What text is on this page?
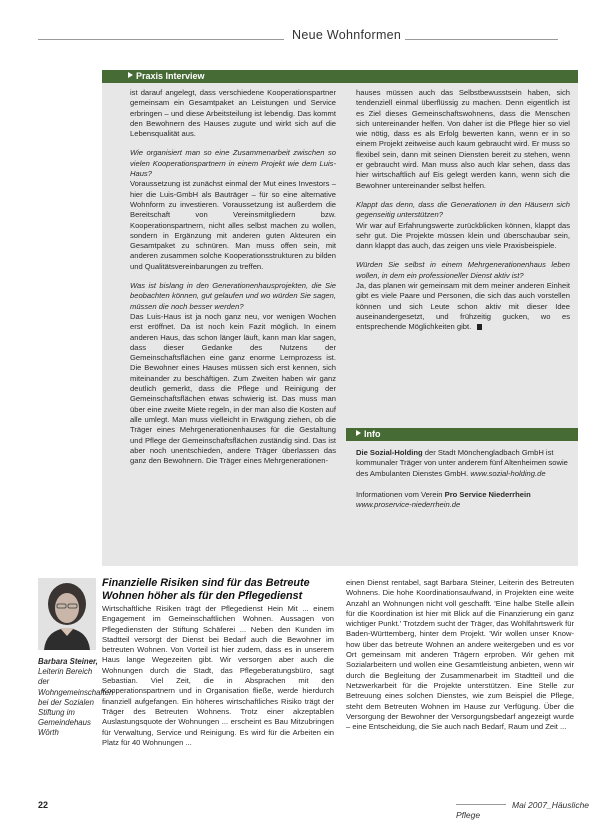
Neue Wohnformen
Praxis Interview

ist darauf angelegt, dass verschiedene Kooperationspartner gemeinsam ein Gesamtpaket an Leistungen und Service erbringen – und diese Arbeitsteilung ist lebendig. Das kommt den Bewohnern des Hauses zugute und wirkt sich auf die Lebensqualität aus.

Wie organisiert man so eine Zusammenarbeit zwischen so vielen Kooperationspartnern in einem Projekt wie dem Luis-Haus?

Voraussetzung ist zunächst einmal der Mut eines Investors – hier die Luis-GmbH als Bauträger – für so eine alternative Wohnform zu investieren. Voraussetzung ist außerdem die Bereitschaft von Vereinsmitgliedern bzw. Kooperationspartnern, nicht alles selbst machen zu wollen, sondern in Ergänzung mit anderen guten Akteuren ein Gesamtpaket zu schnüren. Man muss offen sein, mit anderen zusammen solche Kooperationsstrukturen zu bilden und Qualitätsvereinbarungen zu treffen.

Was ist bislang in den Generationenhausprojekten, die Sie beobachten können, gut gelaufen und wo würden Sie sagen, müssen die noch besser werden?

Das Luis-Haus ist ja noch ganz neu, vor wenigen Wochen erst eröffnet. Da ist noch kein Fazit möglich. In einem anderen Haus, das schon länger läuft, kann man klar sagen, dass dieser Gedanke des Nutzens der Gemeinschaftsflächen eine ganz enorme Lernprozess ist. Die Bewohner eines Hauses müssen sich erst kennen, sich miteinander zu beschäftigen. Zum Zweiten haben wir ganz deutlich gemerkt, dass die Pflege und Reinigung der Gemeinschaftsflächen etwas schwierig ist. Das muss man über eine zweite Miete regeln, in der man also die Kosten auf alle umlegt. Man muss vielleicht in Erwägung ziehen, ob die Träger eines Mehrgenerationenhauses für die Gestaltung und Pflege der Gemeinschaftsflächen zuständig sind. Das ist aber noch unentschieden, andere Träger überlassen das ganz den Bewohnern. Die Träger eines Mehrgenerationen-

hauses müssen auch das Selbstbewusstsein haben, sich tendenziell einmal überflüssig zu machen. Denn eigentlich ist es Ziel dieses Gemeinschaftswohnens, dass die Menschen sich untereinander helfen. Von daher ist die Pflege hier so viel wie nötig, dass es als Erfolg bewerten kann, wenn er in so einem Projekt zeitweise auch kaum gebraucht wird. Er muss so flexibel sein, dann mit seinen Diensten bereit zu stehen, wenn er gebraucht wird. Man muss also auch klar sehen, dass das hier wirtschaftlich auf Eis gelegt werden kann, wenn sich die Bewohner untereinander selbst helfen.

Klappt das denn, dass die Generationen in den Häusern sich gegenseitig unterstützen?

Wir war auf Erfahrungswerte zurückblicken können, klappt das sehr gut. Die Projekte müssen klein und überschaubar sein, dann klappt das auch, das zeigen uns viele Praxisbeispiele.

Würden Sie selbst in einem Mehrgenerationenhaus leben wollen, in dem ein professioneller Dienst aktiv ist?

Ja, das planen wir gemeinsam mit dem meiner anderen Einheit gibt es viele Paare und Personen, die sich das auch vorstellen können und sich Leute schon aktiv mit dieser Idee auseinandergesetzt, und frühzeitig gucken, wo es entsprechende Möglichkeiten gibt.

Info

Die Sozial-Holding der Stadt Mönchengladbach GmbH ist kommunaler Träger von unter anderem fünf Altenheimen sowie des Ambulanten Dienstes GmbH. www.sozial-holding.de

Informationen vom Verein Pro Service Niederrhein
www.proservice-niederrhein.de

Barbara Steiner, Leiterin Bereich der Wohngemeinschaften bei der Sozialen Stiftung im Gemeindehaus Wörth
Finanzielle Risiken sind für das Betreute Wohnen höher als für den Pflegedienst
Wirtschaftliche Risiken trägt der Pflegedienst Hein Mit ... einem Engagement im Gemeinschaftlichen Wohnen. Aussagen von Pflegediensten der Stiftung Schäferei ... Neben den Kunden im Stadtteil versorgt der Dienst bei Bedarf auch die Bewohner im betreuten Wohnen. Von Vorteil ist hier zudem, dass es in unserem Haus lange Wegezeiten gibt. Wir versorgen aber auch die Wohnungen durch die Stadt, das Pflegeberatungsbüro, sagt Sebastian. Viel Zeit, die in Absprachen mit den Kooperationspartnern und in Organisation fließe, werde hierdurch finanziell aufgefangen. Ein höheres wirtschaftliches Risiko trägt der Träger des Betreuten Wohnens. Trotz einer akzeptablen Auslastungsquote der Wohnungen ... erscheint es Bau Mitzubringen für Verwaltung, Service und Reinigung. Es wird für die Arbeiten ein Platz für 40 Wohnungen ...
einen Dienst rentabel, sagt Barbara Steiner, Leiterin des Betreuten Wohnens. Die hohe Koordinationsaufwand, in Projekten eine weite Anzahl an Wohnungen nicht voll geschafft. 'Eine halbe Stelle allein für die Koordination ist hier mit Blick auf die Finanzierung ein ganz wichtiger Punkt.' Trotzdem sucht der Träger, das Wohlfahrtswerk für Baden-Württemberg, hinter dem Projekt. 'Wir wollen unser Know-how über das betreute Wohnen an andere weitergeben und es vor Ort gemeinsam mit anderen Trägern erproben. Wir gehen mit Sozialarbeitern und wollen eine Gesamtleistung anbieten, wenn wir durch die Begleitung der Zusammenarbeit im Stadtteil und die Netzwerkarbeit für die Projekte unterstützen. Eine Stelle zur Betreuung eines solchen Dienstes, wie zum Beispiel die Pflege, steht dem Betreuten Wohnen im Hause zur Verfügung. Über die Versorgung der Bewohner der Versorgungsbedarf angezeigt wurde – eine Entscheidung, die Sie auch nach Bedarf, Raum und Zeit ...
22	Mai 2007_Häusliche Pflege
